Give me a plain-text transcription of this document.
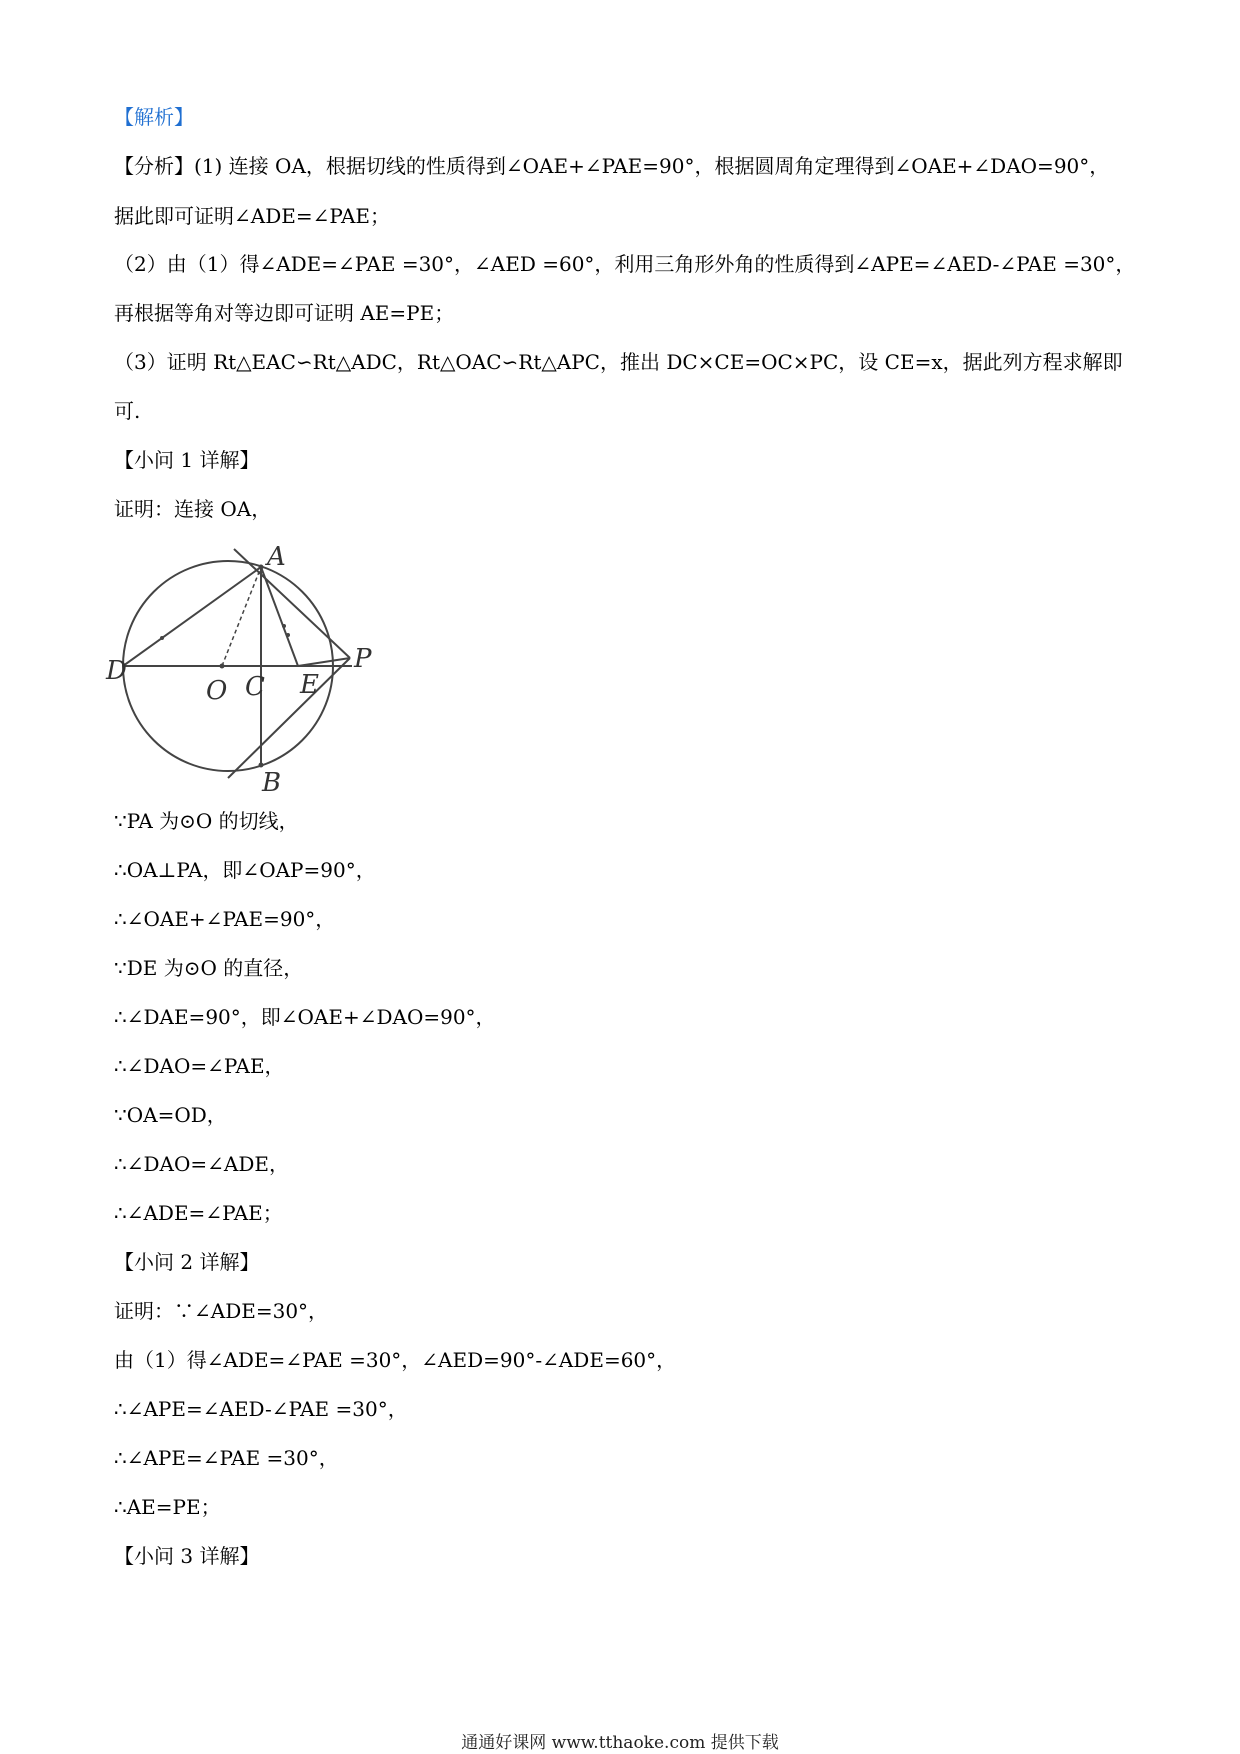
【解析】
【分析】(1) 连接 OA，根据切线的性质得到∠OAE+∠PAE=90°，根据圆周角定理得到∠OAE+∠DAO=90°，
据此即可证明∠ADE=∠PAE；
（2）由（1）得∠ADE=∠PAE =30°，∠AED =60°，利用三角形外角的性质得到∠APE=∠AED-∠PAE =30°，
再根据等角对等边即可证明 AE=PE；
（3）证明 Rt△EAC∽Rt△ADC，Rt△OAC∽Rt△APC，推出 DC×CE=OC×PC，设 CE=x，据此列方程求解即
可.
【小问 1 详解】
证明：连接 OA，
A
B
C
D	E
O
P
∵PA 为⊙O 的切线，
∴OA⊥PA，即∠OAP=90°，
∴∠OAE+∠PAE=90°，
∵DE 为⊙O 的直径，
∴∠DAE=90°，即∠OAE+∠DAO=90°，
∴∠DAO=∠PAE，
∵OA=OD，
∴∠DAO=∠ADE，
∴∠ADE=∠PAE；
【小问 2 详解】
证明：∵∠ADE=30°，
由（1）得∠ADE=∠PAE =30°，∠AED=90°-∠ADE=60°，
∴∠APE=∠AED-∠PAE =30°，
∴∠APE=∠PAE =30°，
∴AE=PE；
【小问 3 详解】
通通好课网 www.tthaoke.com 提供下载
